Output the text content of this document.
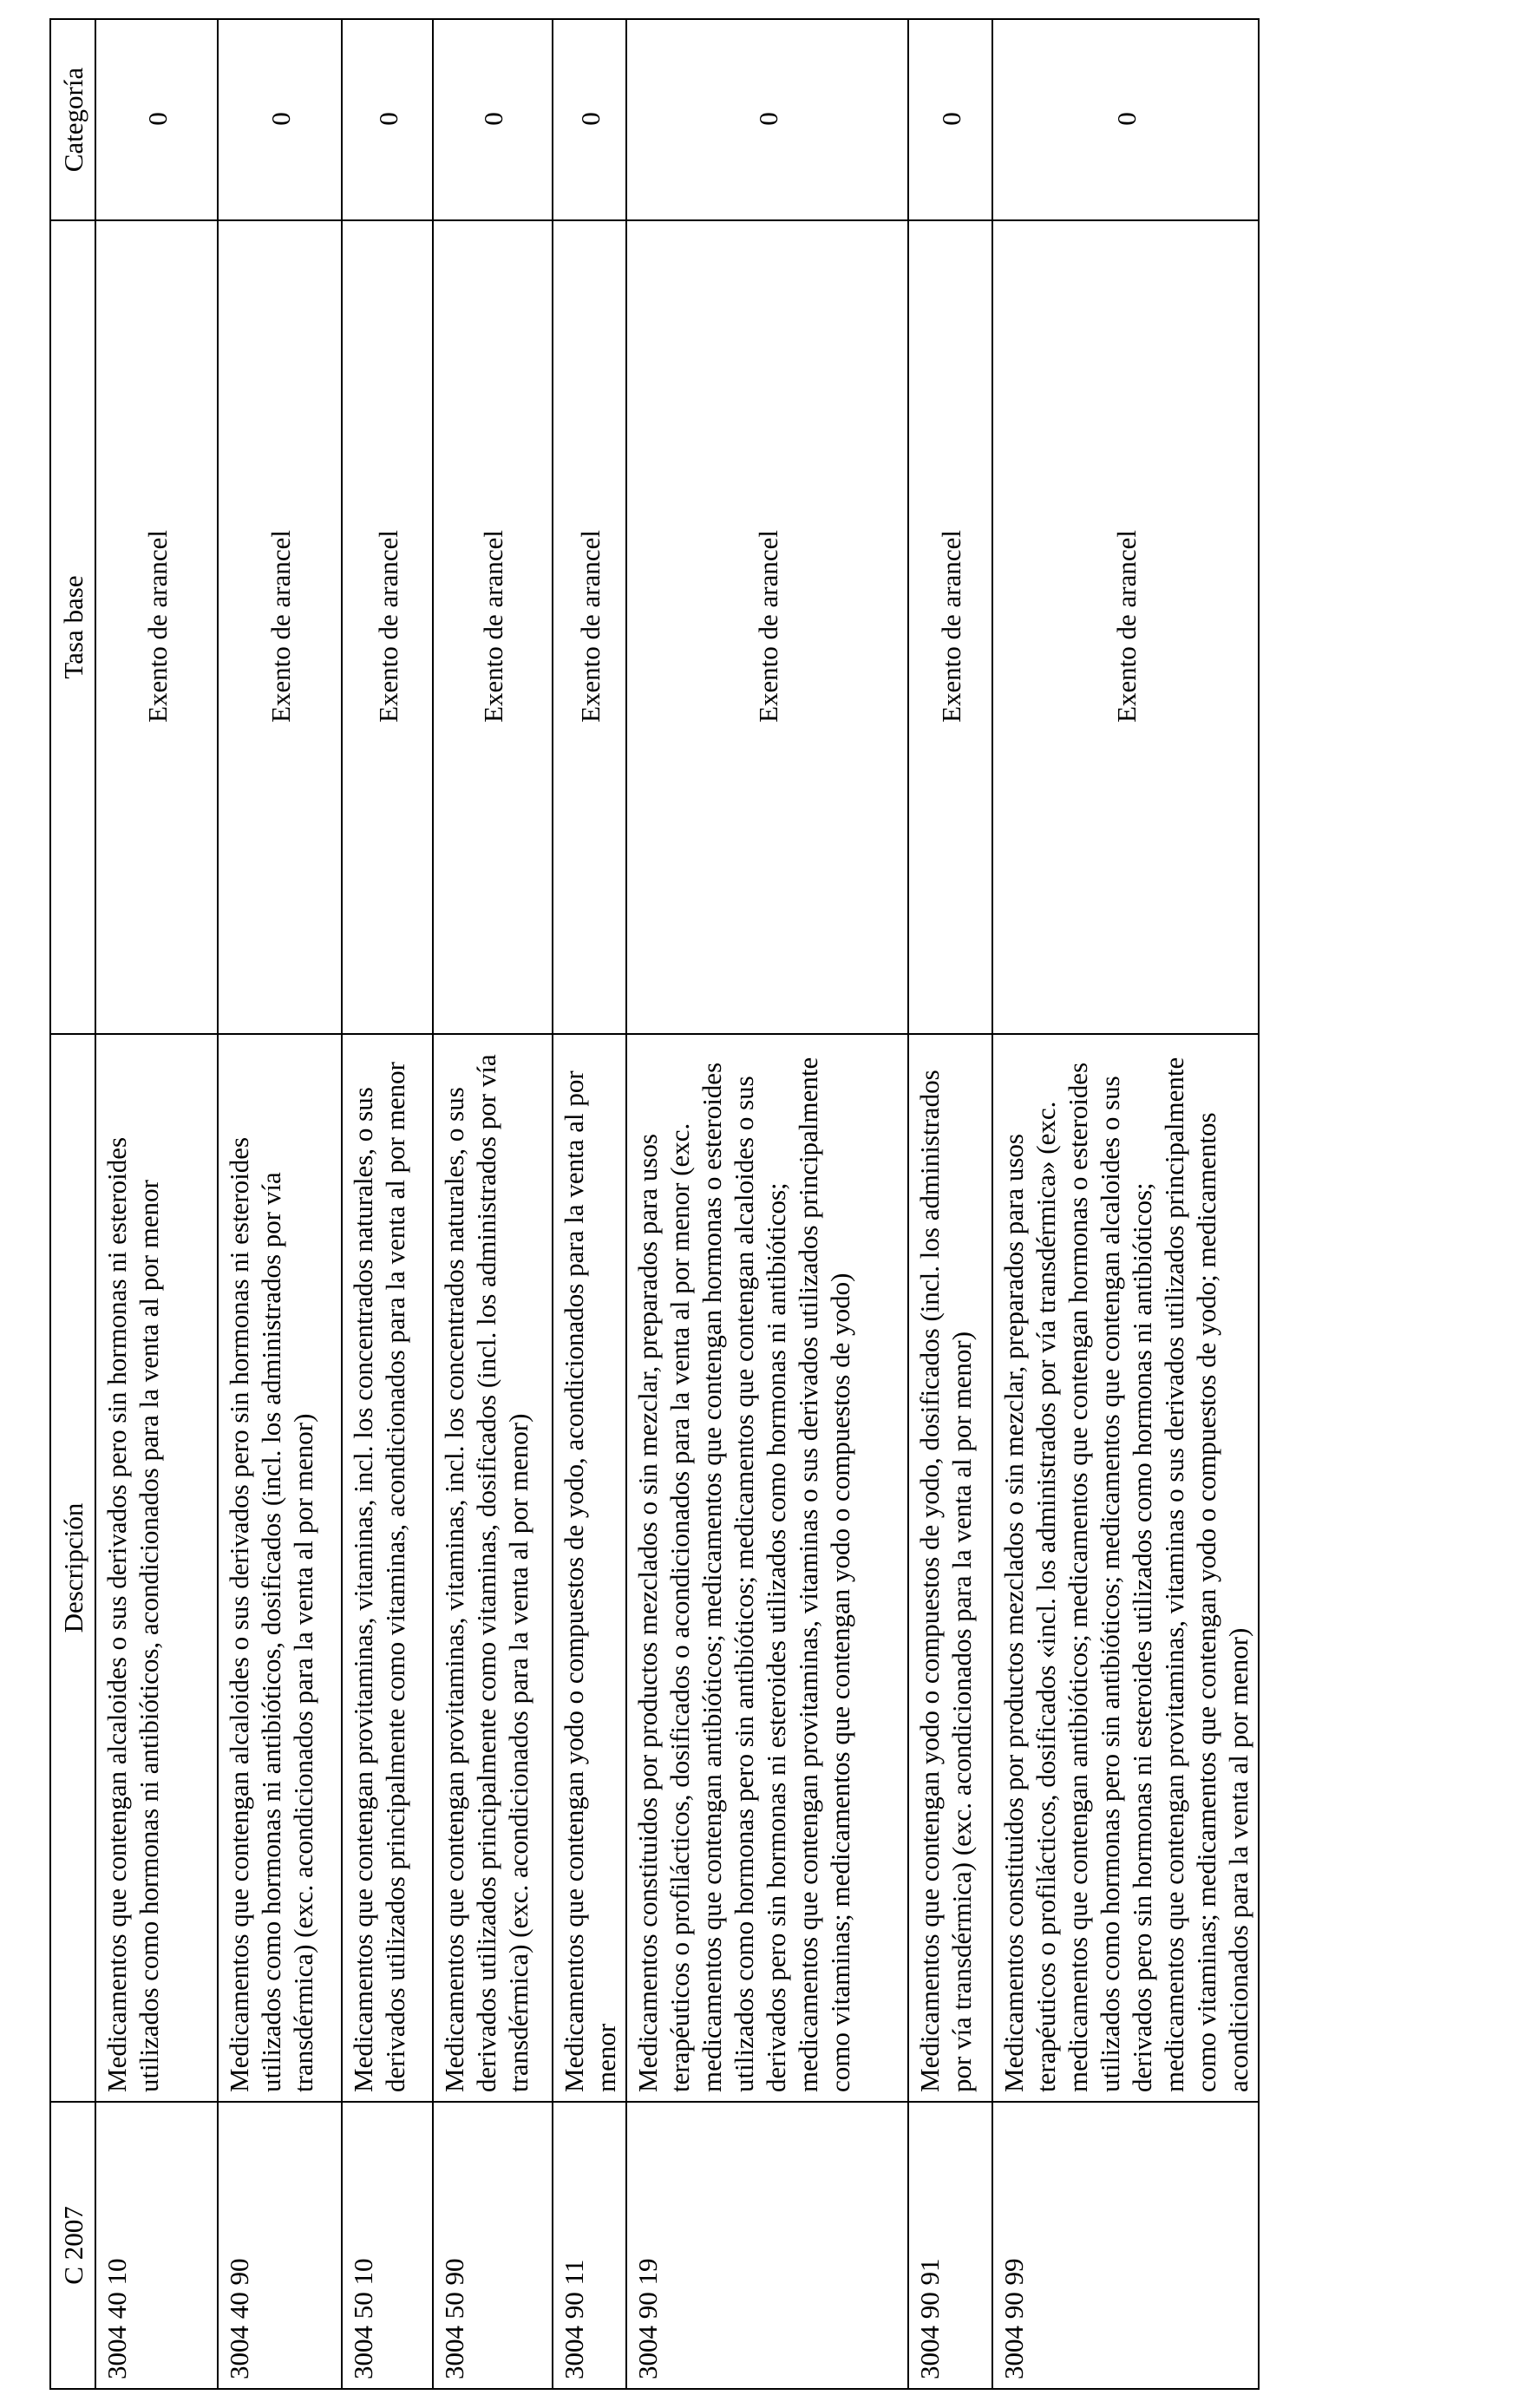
C 2007	Descripción	Tasa base	Categoría
3004 40 10	Medicamentos que contengan alcaloides o sus derivados pero sin hormonas ni esteroides utilizados como hormonas ni antibióticos, acondicionados para la venta al por menor	Exento de arancel	0
3004 40 90	Medicamentos que contengan alcaloides o sus derivados pero sin hormonas ni esteroides utilizados como hormonas ni antibióticos, dosificados (incl. los administrados por vía transdérmica) (exc. acondicionados para la venta al por menor)	Exento de arancel	0
3004 50 10	Medicamentos que contengan provitaminas, vitaminas, incl. los concentrados naturales, o sus derivados utilizados principalmente como vitaminas, acondicionados para la venta al por menor	Exento de arancel	0
3004 50 90	Medicamentos que contengan provitaminas, vitaminas, incl. los concentrados naturales, o sus derivados utilizados principalmente como vitaminas, dosificados (incl. los administrados por vía transdérmica) (exc. acondicionados para la venta al por menor)	Exento de arancel	0
3004 90 11	Medicamentos que contengan yodo o compuestos de yodo, acondicionados para la venta al por menor	Exento de arancel	0
3004 90 19	Medicamentos constituidos por productos mezclados o sin mezclar, preparados para usos terapéuticos o profilácticos, dosificados o acondicionados para la venta al por menor (exc. medicamentos que contengan antibióticos; medicamentos que contengan hormonas o esteroides utilizados como hormonas pero sin antibióticos; medicamentos que contengan alcaloides o sus derivados pero sin hormonas ni esteroides utilizados como hormonas ni antibióticos; medicamentos que contengan provitaminas, vitaminas o sus derivados utilizados principalmente como vitaminas; medicamentos que contengan yodo o compuestos de yodo)	Exento de arancel	0
3004 90 91	Medicamentos que contengan yodo o compuestos de yodo, dosificados (incl. los administrados por vía transdérmica) (exc. acondicionados para la venta al por menor)	Exento de arancel	0
3004 90 99	Medicamentos constituidos por productos mezclados o sin mezclar, preparados para usos terapéuticos o profilácticos, dosificados «incl. los administrados por vía transdérmica» (exc. medicamentos que contengan antibióticos; medicamentos que contengan hormonas o esteroides utilizados como hormonas pero sin antibióticos; medicamentos que contengan alcaloides o sus derivados pero sin hormonas ni esteroides utilizados como hormonas ni antibióticos; medicamentos que contengan provitaminas, vitaminas o sus derivados utilizados principalmente como vitaminas; medicamentos que contengan yodo o compuestos de yodo; medicamentos acondicionados para la venta al por menor)	Exento de arancel	0
